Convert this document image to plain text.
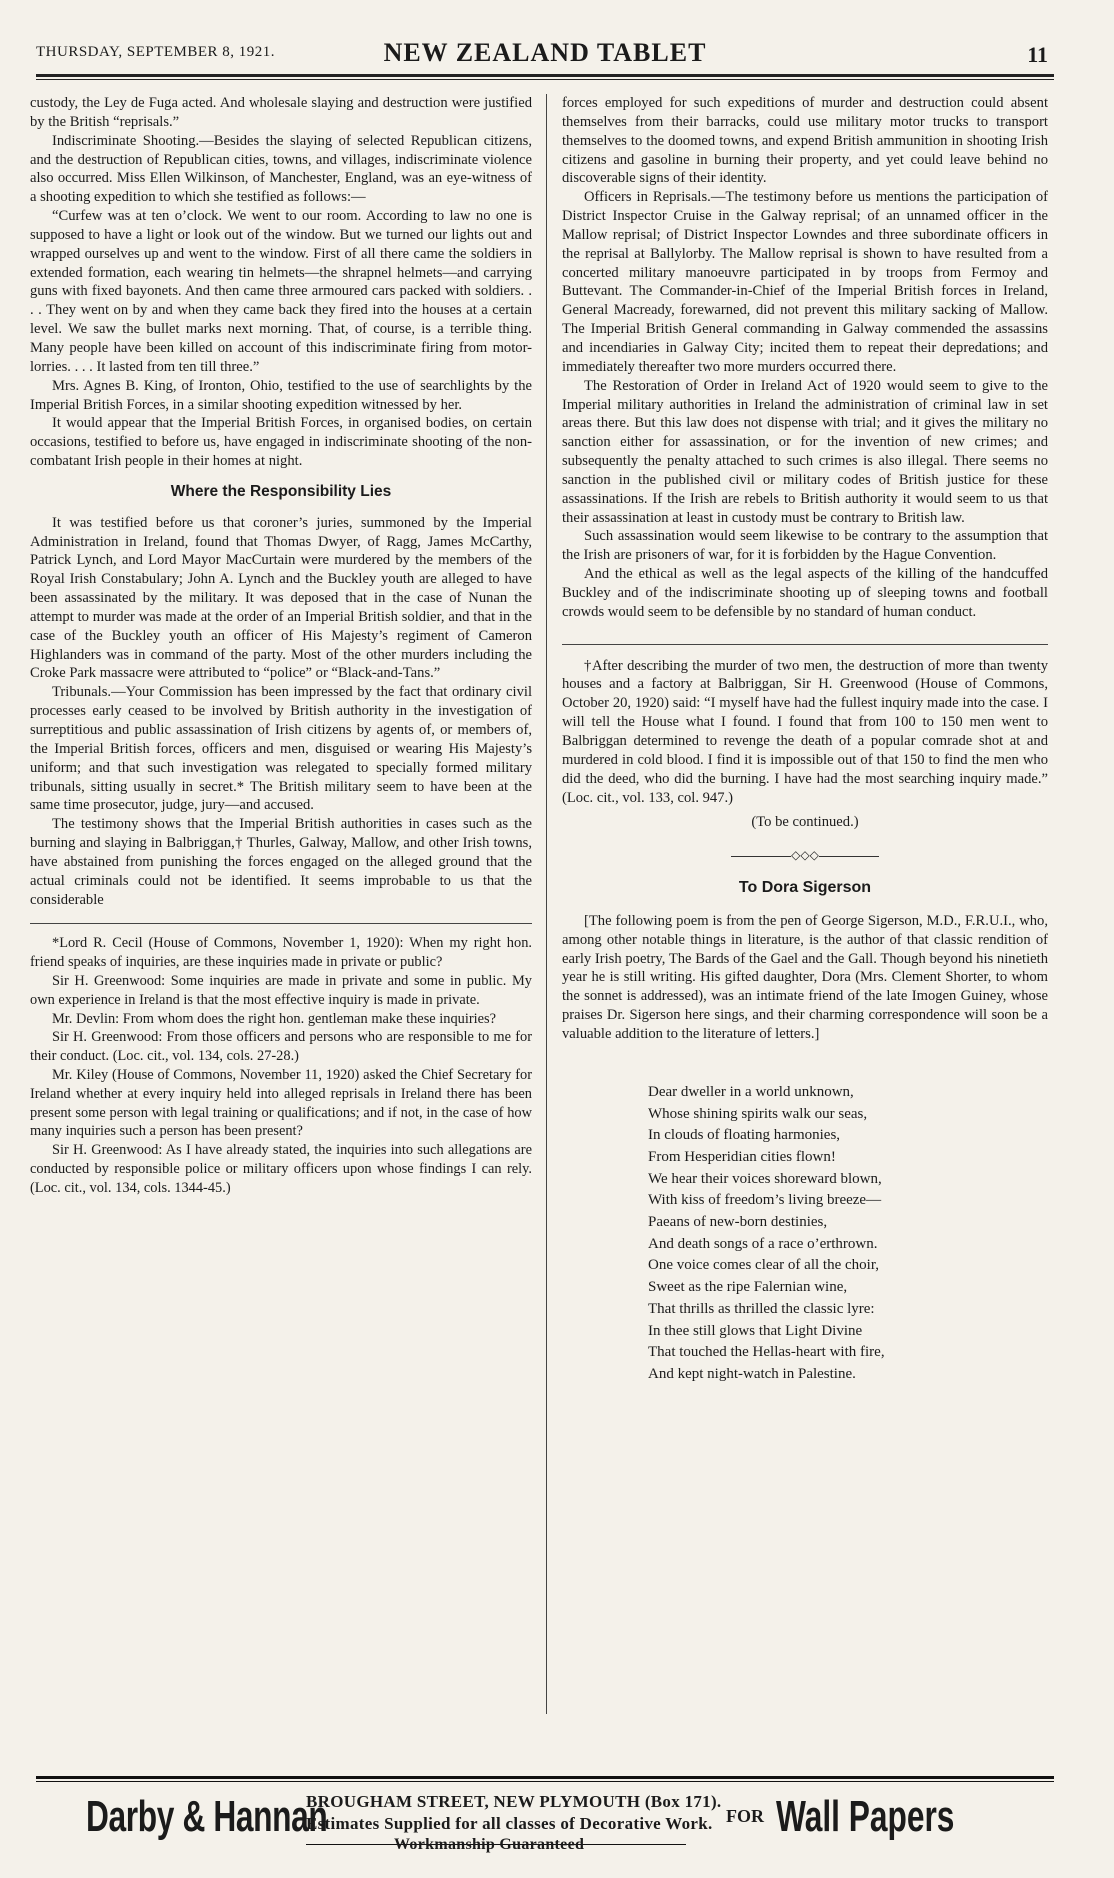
THURSDAY, SEPTEMBER 8, 1921.	NEW ZEALAND TABLET	11

custody, the Ley de Fuga acted. And wholesale slaying and destruction were justified by the British “reprisals.”

Indiscriminate Shooting.—Besides the slaying of selected Republican citizens, and the destruction of Republican cities, towns, and villages, indiscriminate violence also occurred. Miss Ellen Wilkinson, of Manchester, England, was an eye-witness of a shooting expedition to which she testified as follows:—

“Curfew was at ten o’clock. We went to our room. According to law no one is supposed to have a light or look out of the window. But we turned our lights out and wrapped ourselves up and went to the window. First of all there came the soldiers in extended formation, each wearing tin helmets—the shrapnel helmets—and carrying guns with fixed bayonets. And then came three armoured cars packed with soldiers. . . . They went on by and when they came back they fired into the houses at a certain level. We saw the bullet marks next morning. That, of course, is a terrible thing. Many people have been killed on account of this indiscriminate firing from motor-lorries. . . . It lasted from ten till three.”

Mrs. Agnes B. King, of Ironton, Ohio, testified to the use of searchlights by the Imperial British Forces, in a similar shooting expedition witnessed by her.

It would appear that the Imperial British Forces, in organised bodies, on certain occasions, testified to before us, have engaged in indiscriminate shooting of the non-combatant Irish people in their homes at night.

Where the Responsibility Lies

It was testified before us that coroner’s juries, summoned by the Imperial Administration in Ireland, found that Thomas Dwyer, of Ragg, James McCarthy, Patrick Lynch, and Lord Mayor MacCurtain were murdered by the members of the Royal Irish Constabulary; John A. Lynch and the Buckley youth are alleged to have been assassinated by the military. It was deposed that in the case of Nunan the attempt to murder was made at the order of an Imperial British soldier, and that in the case of the Buckley youth an officer of His Majesty’s regiment of Cameron Highlanders was in command of the party. Most of the other murders including the Croke Park massacre were attributed to “police” or “Black-and-Tans.”

Tribunals.—Your Commission has been impressed by the fact that ordinary civil processes early ceased to be involved by British authority in the investigation of surreptitious and public assassination of Irish citizens by agents of, or members of, the Imperial British forces, officers and men, disguised or wearing His Majesty’s uniform; and that such investigation was relegated to specially formed military tribunals, sitting usually in secret.* The British military seem to have been at the same time prosecutor, judge, jury—and accused.

The testimony shows that the Imperial British authorities in cases such as the burning and slaying in Balbriggan,† Thurles, Galway, Mallow, and other Irish towns, have abstained from punishing the forces engaged on the alleged ground that the actual criminals could not be identified. It seems improbable to us that the considerable

*Lord R. Cecil (House of Commons, November 1, 1920): When my right hon. friend speaks of inquiries, are these inquiries made in private or public?

Sir H. Greenwood: Some inquiries are made in private and some in public. My own experience in Ireland is that the most effective inquiry is made in private.

Mr. Devlin: From whom does the right hon. gentleman make these inquiries?

Sir H. Greenwood: From those officers and persons who are responsible to me for their conduct. (Loc. cit., vol. 134, cols. 27-28.)

Mr. Kiley (House of Commons, November 11, 1920) asked the Chief Secretary for Ireland whether at every inquiry held into alleged reprisals in Ireland there has been present some person with legal training or qualifications; and if not, in the case of how many inquiries such a person has been present?

Sir H. Greenwood: As I have already stated, the inquiries into such allegations are conducted by responsible police or military officers upon whose findings I can rely. (Loc. cit., vol. 134, cols. 1344-45.)

forces employed for such expeditions of murder and destruction could absent themselves from their barracks, could use military motor trucks to transport themselves to the doomed towns, and expend British ammunition in shooting Irish citizens and gasoline in burning their property, and yet could leave behind no discoverable signs of their identity.

Officers in Reprisals.—The testimony before us mentions the participation of District Inspector Cruise in the Galway reprisal; of an unnamed officer in the Mallow reprisal; of District Inspector Lowndes and three subordinate officers in the reprisal at Ballylorby. The Mallow reprisal is shown to have resulted from a concerted military manoeuvre participated in by troops from Fermoy and Buttevant. The Commander-in-Chief of the Imperial British forces in Ireland, General Macready, forewarned, did not prevent this military sacking of Mallow. The Imperial British General commanding in Galway commended the assassins and incendiaries in Galway City; incited them to repeat their depredations; and immediately thereafter two more murders occurred there.

The Restoration of Order in Ireland Act of 1920 would seem to give to the Imperial military authorities in Ireland the administration of criminal law in set areas there. But this law does not dispense with trial; and it gives the military no sanction either for assassination, or for the invention of new crimes; and subsequently the penalty attached to such crimes is also illegal. There seems no sanction in the published civil or military codes of British justice for these assassinations. If the Irish are rebels to British authority it would seem to us that their assassination at least in custody must be contrary to British law.

Such assassination would seem likewise to be contrary to the assumption that the Irish are prisoners of war, for it is forbidden by the Hague Convention.

And the ethical as well as the legal aspects of the killing of the handcuffed Buckley and of the indiscriminate shooting up of sleeping towns and football crowds would seem to be defensible by no standard of human conduct.

†After describing the murder of two men, the destruction of more than twenty houses and a factory at Balbriggan, Sir H. Greenwood (House of Commons, October 20, 1920) said: “I myself have had the fullest inquiry made into the case. I will tell the House what I found. I found that from 100 to 150 men went to Balbriggan determined to revenge the death of a popular comrade shot at and murdered in cold blood. I find it is impossible out of that 150 to find the men who did the deed, who did the burning. I have had the most searching inquiry made.” (Loc. cit., vol. 133, col. 947.)

(To be continued.)

◇◇◇
To Dora Sigerson

[The following poem is from the pen of George Sigerson, M.D., F.R.U.I., who, among other notable things in literature, is the author of that classic rendition of early Irish poetry, The Bards of the Gael and the Gall. Though beyond his ninetieth year he is still writing. His gifted daughter, Dora (Mrs. Clement Shorter, to whom the sonnet is addressed), was an intimate friend of the late Imogen Guiney, whose praises Dr. Sigerson here sings, and their charming correspondence will soon be a valuable addition to the literature of letters.]

Dear dweller in a world unknown,
Whose shining spirits walk our seas,
In clouds of floating harmonies,
From Hesperidian cities flown!
We hear their voices shoreward blown,
With kiss of freedom’s living breeze—
Paeans of new-born destinies,
And death songs of a race o’erthrown.
One voice comes clear of all the choir,
Sweet as the ripe Falernian wine,
That thrills as thrilled the classic lyre:
In thee still glows that Light Divine
That touched the Hellas-heart with fire,
And kept night-watch in Palestine.
Darby & Hannan
BROUGHAM STREET, NEW PLYMOUTH (Box 171).
Estimates Supplied for all classes of Decorative Work.
Workmanship Guaranteed
FOR Wall Papers
